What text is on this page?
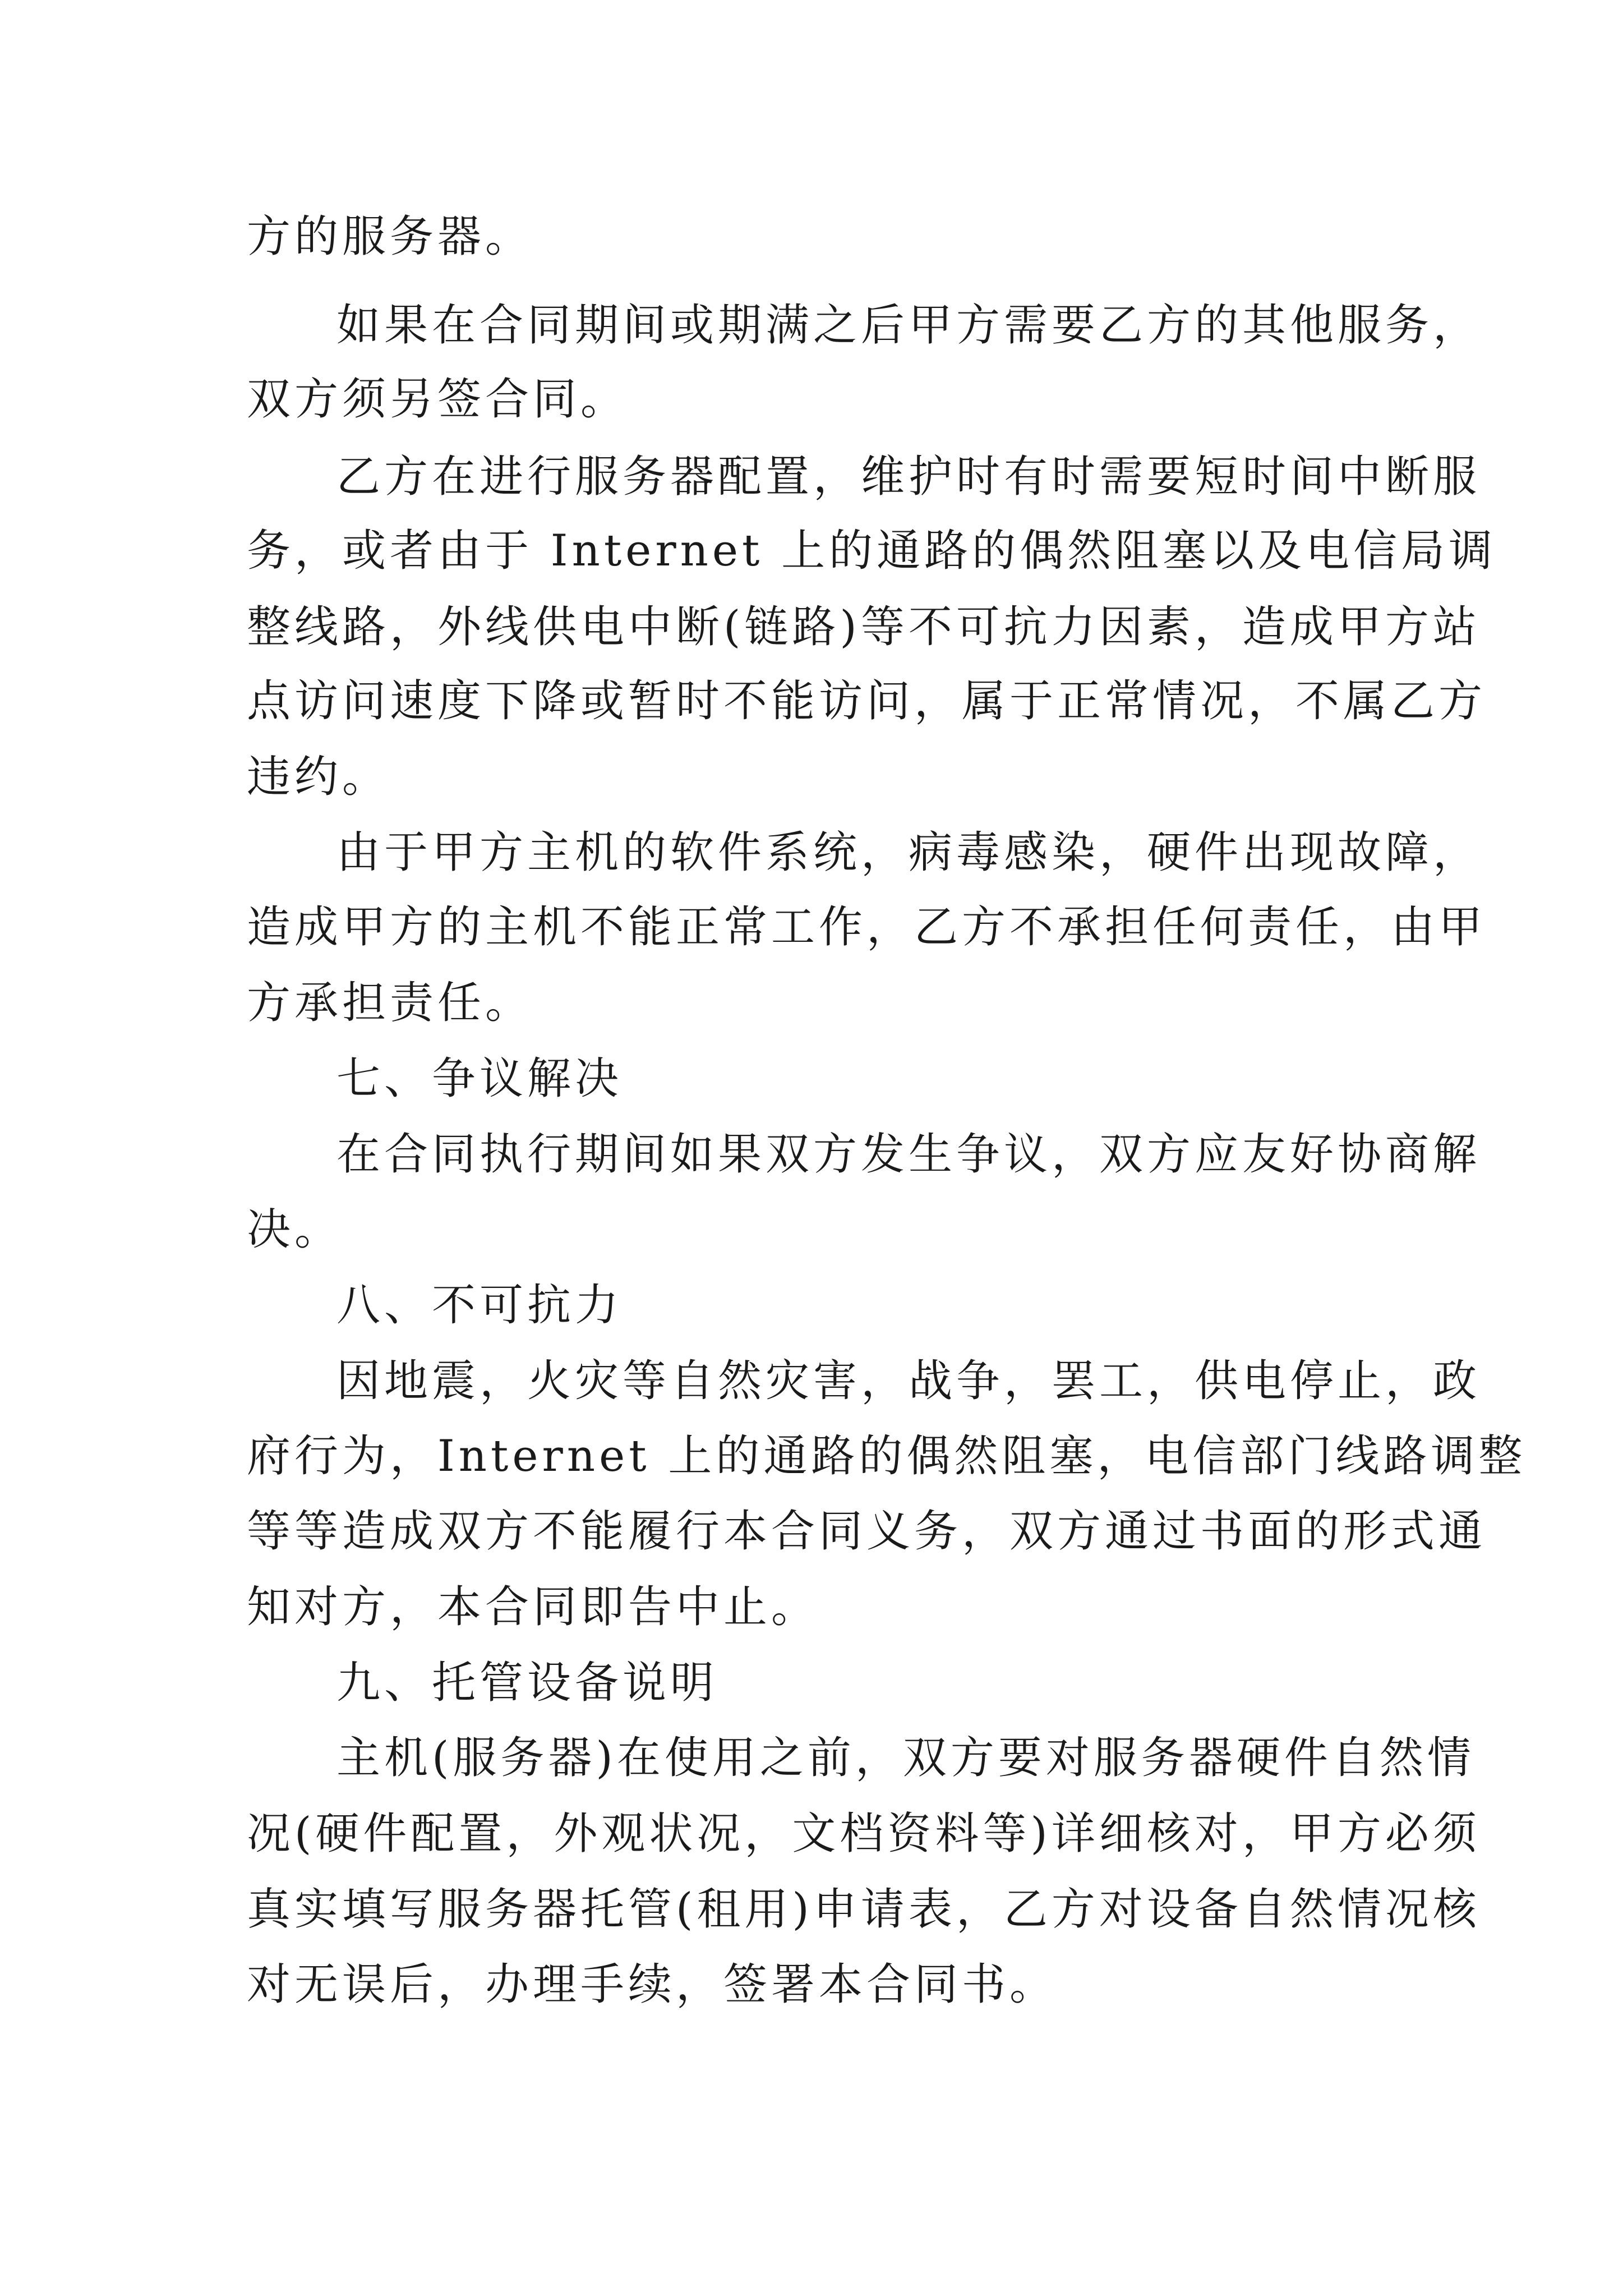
方的服务器。
如果在合同期间或期满之后甲方需要乙方的其他服务，
双方须另签合同。
乙方在进行服务器配置，维护时有时需要短时间中断服
务，或者由于 Internet 上的通路的偶然阻塞以及电信局调
整线路，外线供电中断(链路)等不可抗力因素，造成甲方站
点访问速度下降或暂时不能访问，属于正常情况，不属乙方
违约。
由于甲方主机的软件系统，病毒感染，硬件出现故障，
造成甲方的主机不能正常工作，乙方不承担任何责任，由甲
方承担责任。
七、争议解决
在合同执行期间如果双方发生争议，双方应友好协商解
决。
八、不可抗力
因地震，火灾等自然灾害，战争，罢工，供电停止，政
府行为，Internet 上的通路的偶然阻塞，电信部门线路调整
等等造成双方不能履行本合同义务，双方通过书面的形式通
知对方，本合同即告中止。
九、托管设备说明
主机(服务器)在使用之前，双方要对服务器硬件自然情
况(硬件配置，外观状况，文档资料等)详细核对，甲方必须
真实填写服务器托管(租用)申请表，乙方对设备自然情况核
对无误后，办理手续，签署本合同书。
